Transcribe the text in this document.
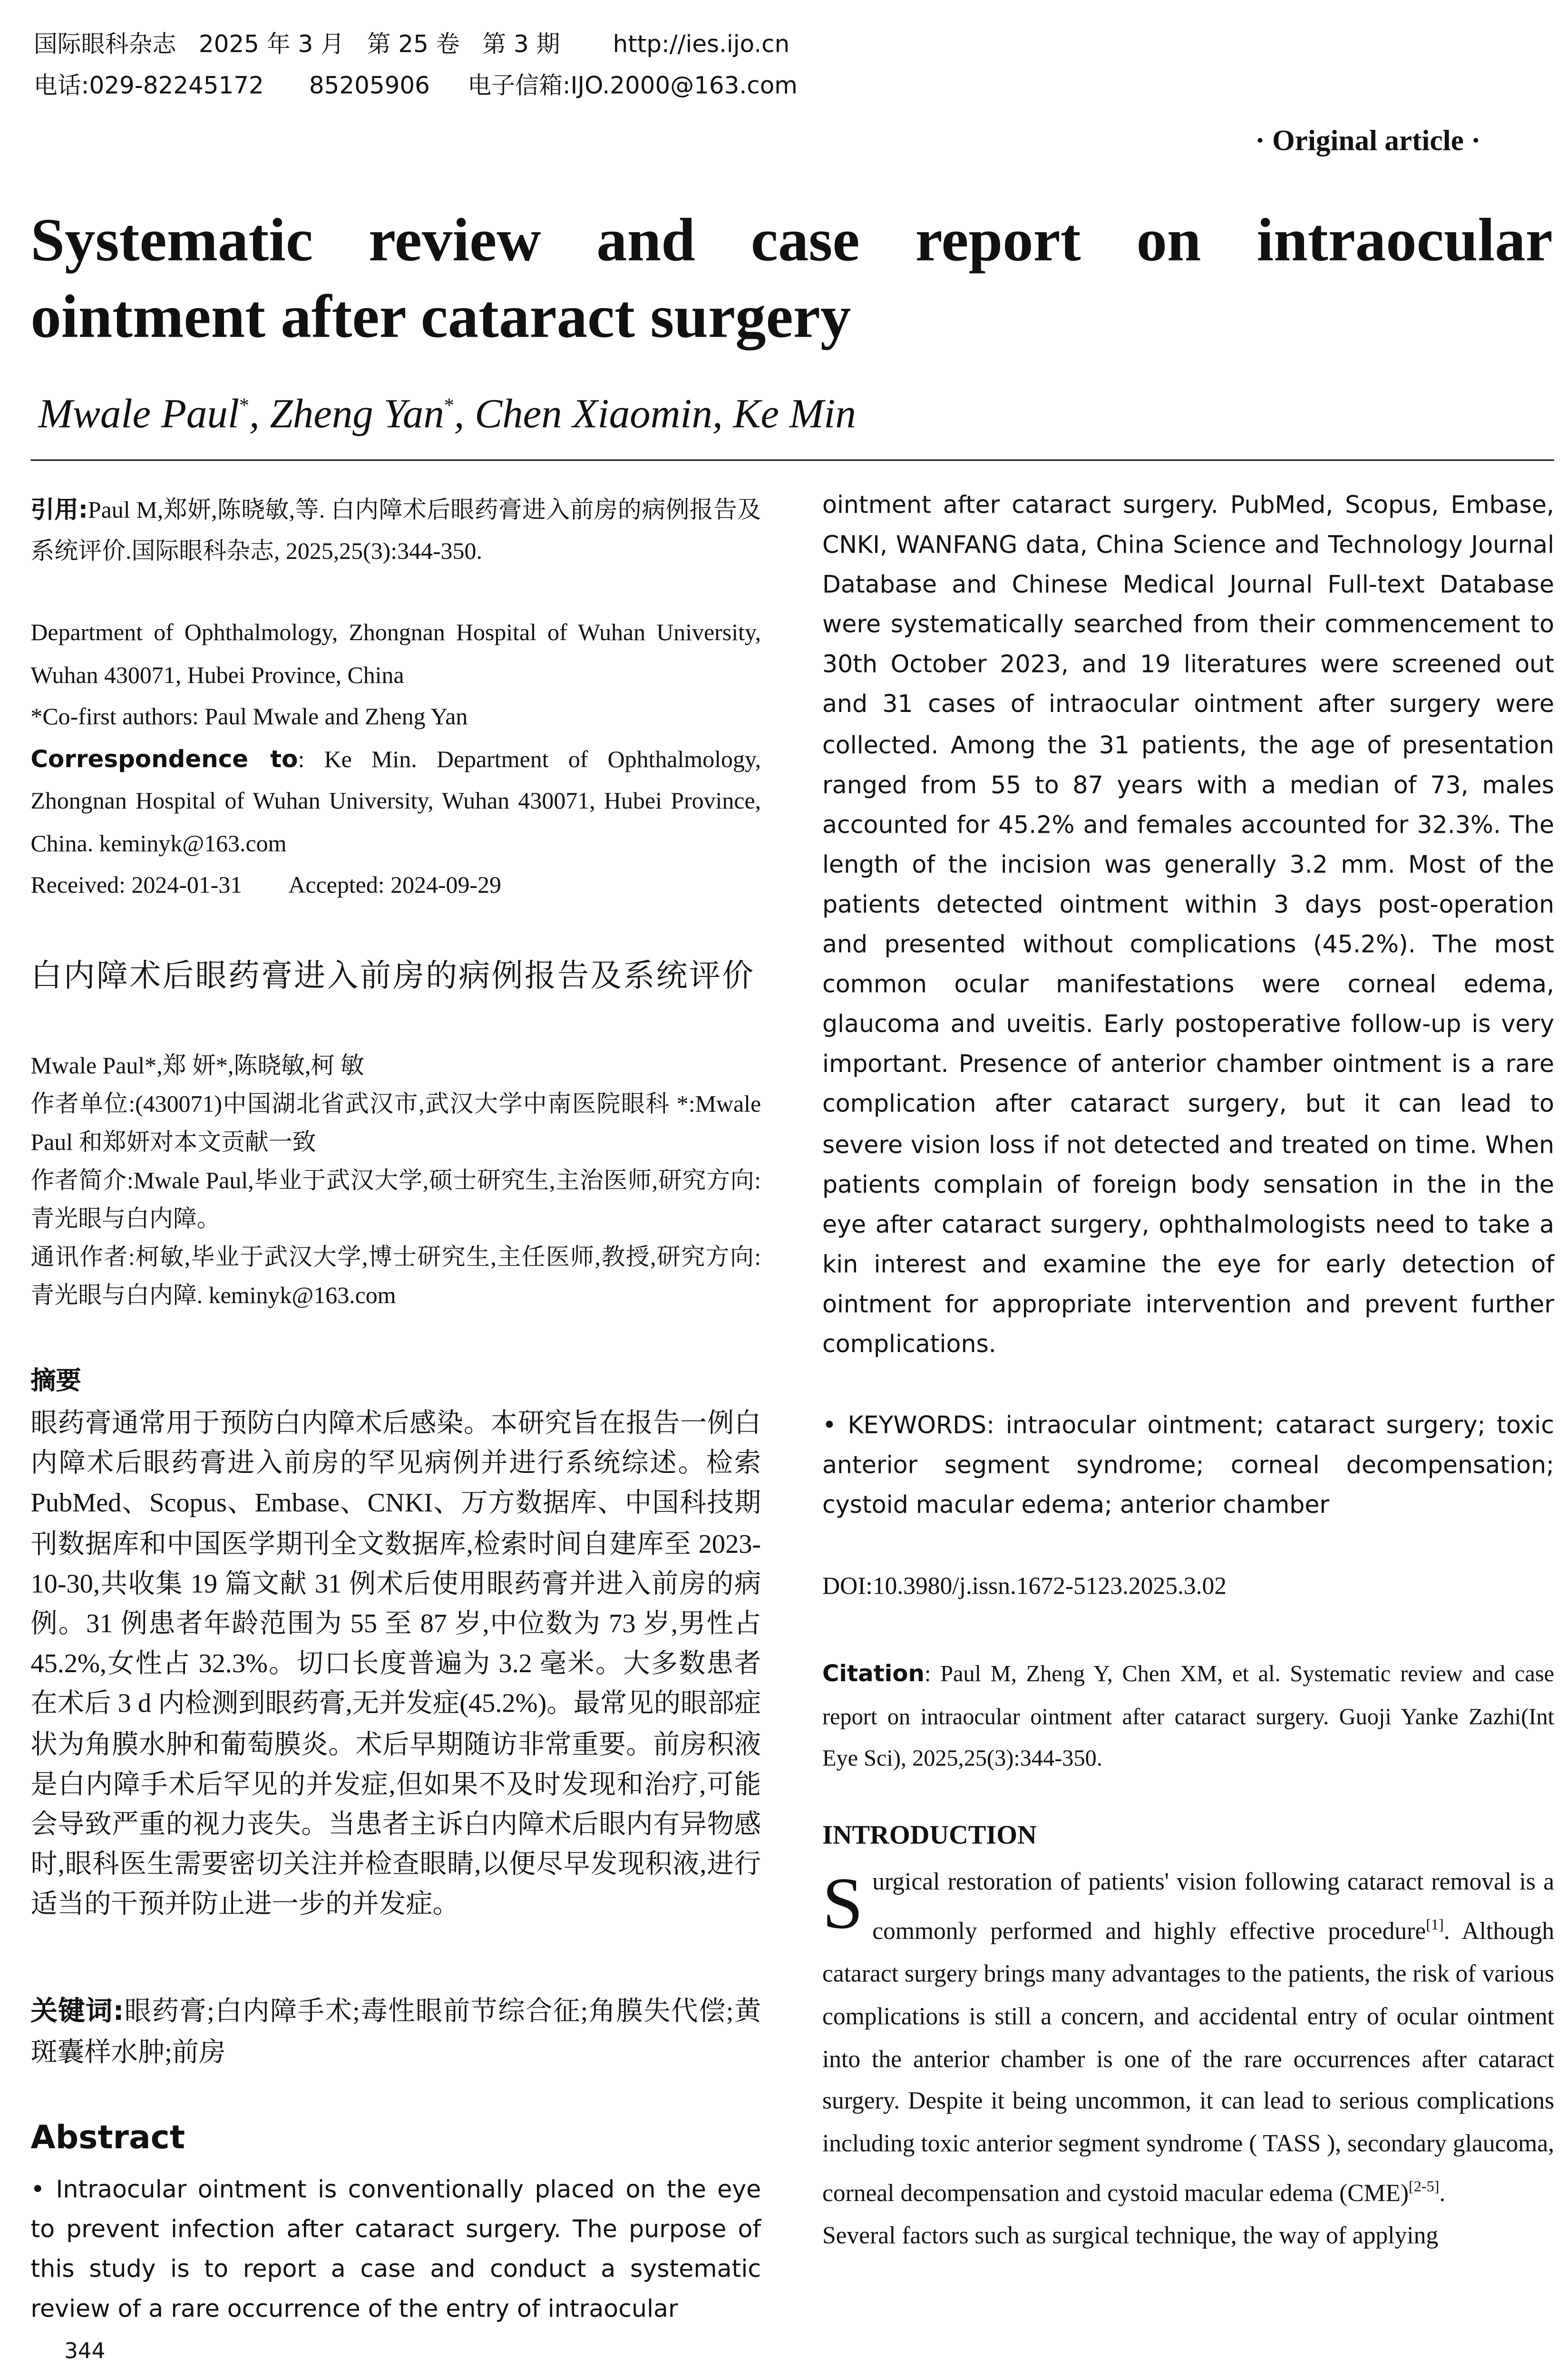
国际眼科杂志   2025 年 3 月   第 25 卷   第 3 期       http://ies.ijo.cn
电话:029-82245172      85205906     电子信箱:IJO.2000@163.com
· Original article ·
Systematic review and case report on intraocular ointment after cataract surgery
Mwale Paul*, Zheng Yan*, Chen Xiaomin, Ke Min
引用:Paul M,郑妍,陈晓敏,等. 白内障术后眼药膏进入前房的病例报告及系统评价.国际眼科杂志, 2025,25(3):344-350.

Department of Ophthalmology, Zhongnan Hospital of Wuhan University, Wuhan 430071, Hubei Province, China

*Co-first authors: Paul Mwale and Zheng Yan

Correspondence to: Ke Min. Department of Ophthalmology, Zhongnan Hospital of Wuhan University, Wuhan 430071, Hubei Province, China. keminyk@163.com

Received: 2024-01-31	Accepted: 2024-09-29

白内障术后眼药膏进入前房的病例报告及系统评价

Mwale Paul*,郑 妍*,陈晓敏,柯 敏

作者单位:(430071)中国湖北省武汉市,武汉大学中南医院眼科 *:Mwale Paul 和郑妍对本文贡献一致

作者简介:Mwale Paul,毕业于武汉大学,硕士研究生,主治医师,研究方向:青光眼与白内障。

通讯作者:柯敏,毕业于武汉大学,博士研究生,主任医师,教授,研究方向:青光眼与白内障. keminyk@163.com

摘要
眼药膏通常用于预防白内障术后感染。本研究旨在报告一例白内障术后眼药膏进入前房的罕见病例并进行系统综述。检索 PubMed、Scopus、Embase、CNKI、万方数据库、中国科技期刊数据库和中国医学期刊全文数据库,检索时间自建库至 2023-10-30,共收集 19 篇文献 31 例术后使用眼药膏并进入前房的病例。31 例患者年龄范围为 55 至 87 岁,中位数为 73 岁,男性占 45.2%,女性占 32.3%。切口长度普遍为 3.2 毫米。大多数患者在术后 3 d 内检测到眼药膏,无并发症(45.2%)。最常见的眼部症状为角膜水肿和葡萄膜炎。术后早期随访非常重要。前房积液是白内障手术后罕见的并发症,但如果不及时发现和治疗,可能会导致严重的视力丧失。当患者主诉白内障术后眼内有异物感时,眼科医生需要密切关注并检查眼睛,以便尽早发现积液,进行适当的干预并防止进一步的并发症。
关键词:眼药膏;白内障手术;毒性眼前节综合征;角膜失代偿;黄斑囊样水肿;前房
Abstract
• Intraocular ointment is conventionally placed on the eye to prevent infection after cataract surgery. The purpose of this study is to report a case and conduct a systematic review of a rare occurrence of the entry of intraocular
ointment after cataract surgery. PubMed, Scopus, Embase, CNKI, WANFANG data, China Science and Technology Journal Database and Chinese Medical Journal Full-text Database were systematically searched from their commencement to 30th October 2023, and 19 literatures were screened out and 31 cases of intraocular ointment after surgery were collected. Among the 31 patients, the age of presentation ranged from 55 to 87 years with a median of 73, males accounted for 45.2% and females accounted for 32.3%. The length of the incision was generally 3.2 mm. Most of the patients detected ointment within 3 days post-operation and presented without complications (45.2%). The most common ocular manifestations were corneal edema, glaucoma and uveitis. Early postoperative follow-up is very important. Presence of anterior chamber ointment is a rare complication after cataract surgery, but it can lead to severe vision loss if not detected and treated on time. When patients complain of foreign body sensation in the in the eye after cataract surgery, ophthalmologists need to take a kin interest and examine the eye for early detection of ointment for appropriate intervention and prevent further complications.
• KEYWORDS: intraocular ointment; cataract surgery; toxic anterior segment syndrome; corneal decompensation; cystoid macular edema; anterior chamber
DOI:10.3980/j.issn.1672-5123.2025.3.02
Citation: Paul M, Zheng Y, Chen XM, et al. Systematic review and case report on intraocular ointment after cataract surgery. Guoji Yanke Zazhi(Int Eye Sci), 2025,25(3):344-350.
INTRODUCTION
S urgical restoration of patients' vision following cataract removal is a commonly performed and highly effective procedure[1]. Although cataract surgery brings many advantages to the patients, the risk of various complications is still a concern, and accidental entry of ocular ointment into the anterior chamber is one of the rare occurrences after cataract surgery. Despite it being uncommon, it can lead to serious complications including toxic anterior segment syndrome ( TASS ), secondary glaucoma, corneal decompensation and cystoid macular edema (CME)[2-5].
Several factors such as surgical technique, the way of applying
344
